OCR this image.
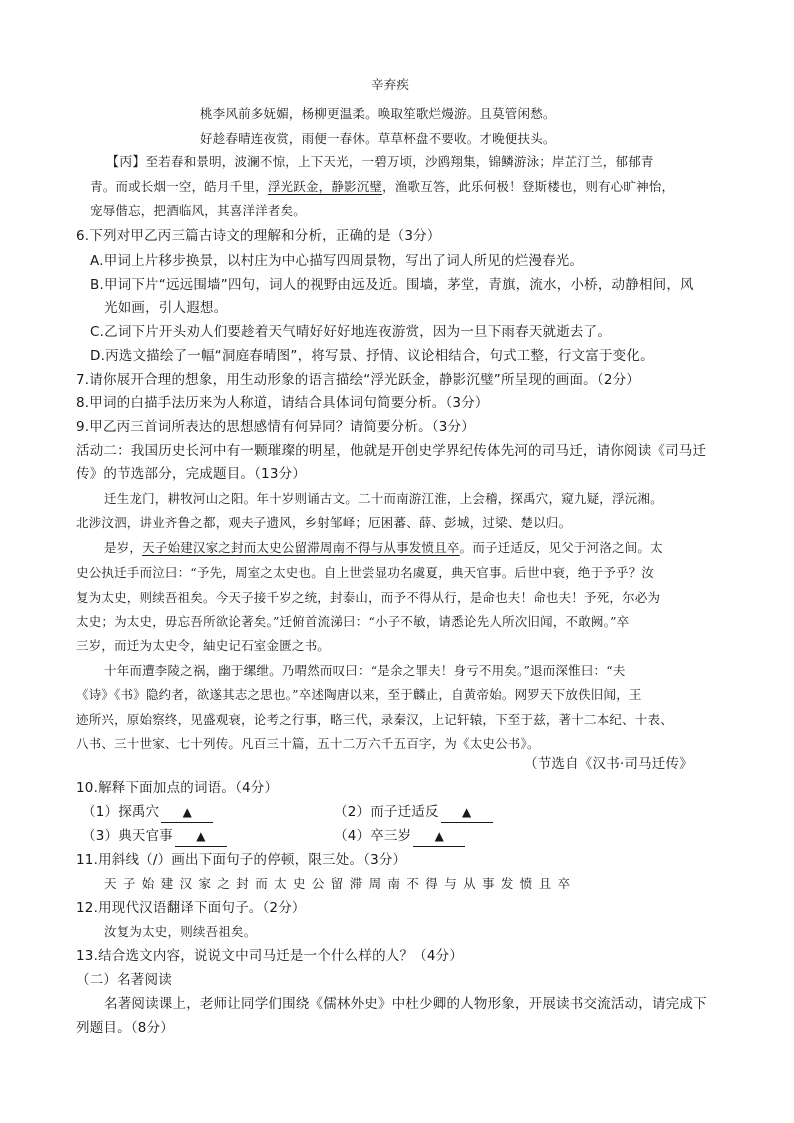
辛弃疾
桃李风前多妩媚，杨柳更温柔。唤取笙歌烂熳游。且莫管闲愁。
好趁春晴连夜赏，雨便一春休。草草杯盘不要收。才晚便扶头。
【丙】至若春和景明，波澜不惊，上下天光，一碧万顷，沙鸥翔集，锦鳞游泳；岸芷汀兰，郁郁青
青。而或长烟一空，皓月千里，浮光跃金，静影沉璧，渔歌互答，此乐何极！登斯楼也，则有心旷神怡，
宠辱偕忘，把酒临风，其喜洋洋者矣。
6.下列对甲乙丙三篇古诗文的理解和分析，正确的是（3分）
A.甲词上片移步换景，以村庄为中心描写四周景物，写出了词人所见的烂漫春光。
B.甲词下片“远远围墙”四句，词人的视野由远及近。围墙，茅堂，青旗，流水，小桥，动静相间，风
光如画，引人遐想。
C.乙词下片开头劝人们要趁着天气晴好好好地连夜游赏，因为一旦下雨春天就逝去了。
D.丙选文描绘了一幅“洞庭春晴图”，将写景、抒情、议论相结合，句式工整，行文富于变化。
7.请你展开合理的想象，用生动形象的语言描绘“浮光跃金，静影沉璧”所呈现的画面。（2分）
8.甲词的白描手法历来为人称道，请结合具体词句简要分析。（3分）
9.甲乙丙三首词所表达的思想感情有何异同？请简要分析。（3分）
活动二：我国历史长河中有一颗璀璨的明星，他就是开创史学界纪传体先河的司马迁，请你阅读《司马迁
传》的节选部分，完成题目。（13分）
迁生龙门，耕牧河山之阳。年十岁则诵古文。二十而南游江淮，上会稽，探禹穴，窥九疑，浮沅湘。
北涉汶泗，讲业齐鲁之都，观夫子遗风，乡射邹峄；厄困蕃、薛、彭城，过梁、楚以归。
是岁，天子始建汉家之封而太史公留滞周南不得与从事发愤且卒。而子迁适反，见父于河洛之间。太
史公执迁手而泣曰：“予先，周室之太史也。自上世尝显功名虞夏，典天官事。后世中衰，绝于予乎？汝
复为太史，则续吾祖矣。今天子接千岁之统，封泰山，而予不得从行，是命也夫！命也夫！予死，尔必为
太史；为太史，毋忘吾所欲论著矣。”迁俯首流涕曰：“小子不敏，请悉论先人所次旧闻，不敢阙。”卒
三岁，而迁为太史令，紬史记石室金匮之书。
十年而遭李陵之祸，幽于缧绁。乃喟然而叹曰：“是余之罪夫！身亏不用矣。”退而深惟曰：“夫
《诗》《书》隐约者，欲遂其志之思也。”卒述陶唐以来，至于麟止，自黄帝始。网罗天下放佚旧闻，王
迹所兴，原始察终，见盛观衰，论考之行事，略三代，录秦汉，上记轩辕，下至于兹，著十二本纪、十表、
八书、三十世家、七十列传。凡百三十篇，五十二万六千五百字，为《太史公书》。
（节选自《汉书·司马迁传》
10.解释下面加点的词语。（4分）
（1）探禹穴 ▲	（2）而子迁适反 ▲
（3）典天官事 ▲	（4）卒三岁 ▲
11.用斜线（/）画出下面句子的停顿，限三处。（3分）
天子始建汉家之封而太史公留滞周南不得与从事发愤且卒
12.用现代汉语翻译下面句子。（2分）
汝复为太史，则续吾祖矣。
13.结合选文内容，说说文中司马迁是一个什么样的人？（4分）
（二）名著阅读
名著阅读课上，老师让同学们围绕《儒林外史》中杜少卿的人物形象，开展读书交流活动，请完成下
列题目。（8分）
